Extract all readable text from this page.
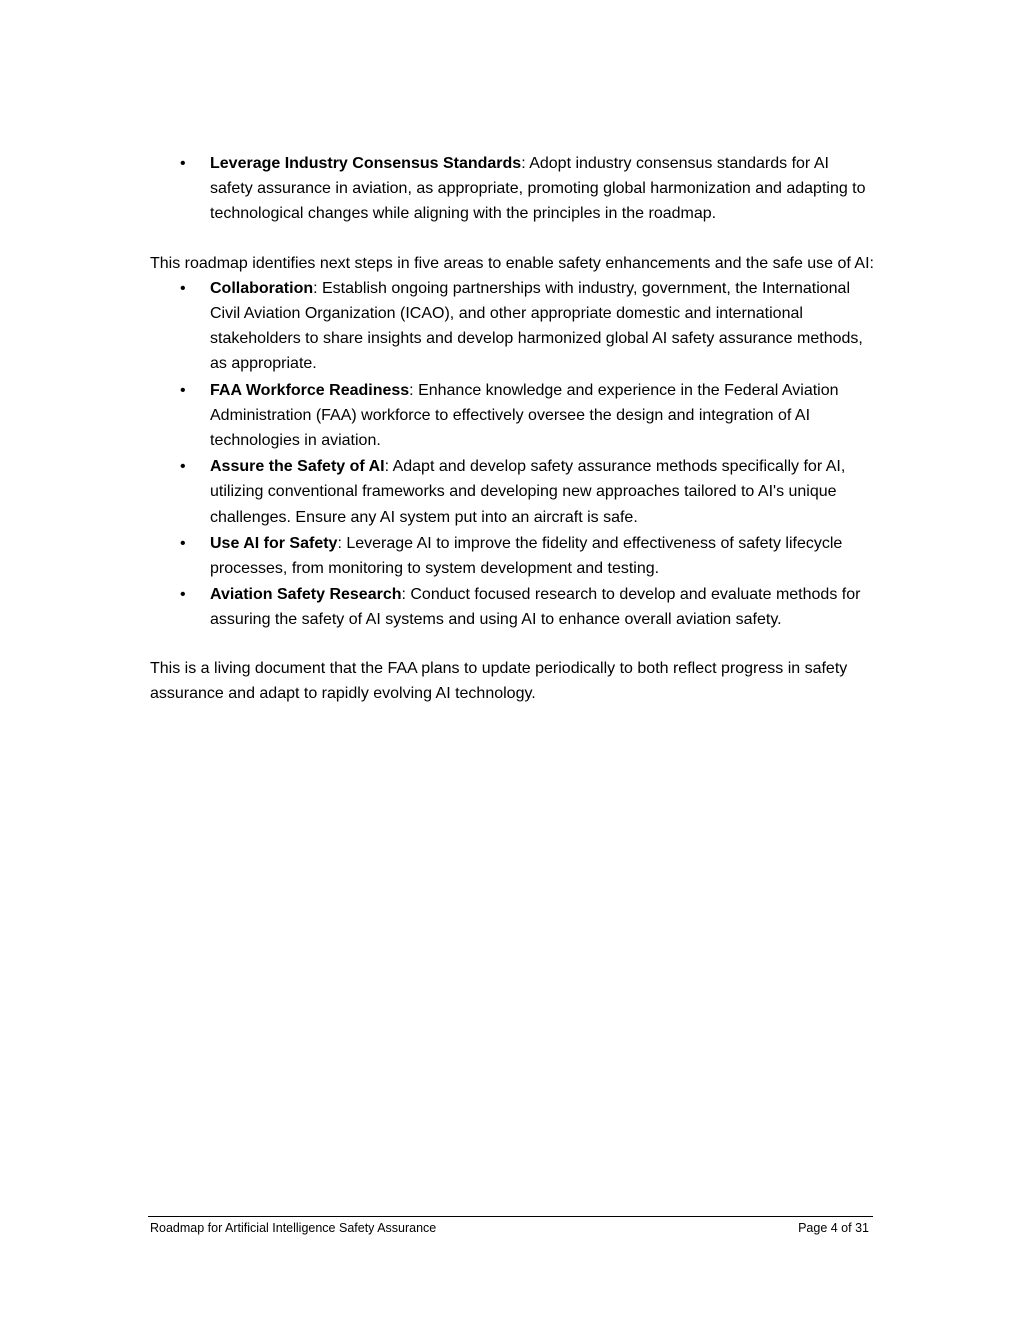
• Leverage Industry Consensus Standards: Adopt industry consensus standards for AI safety assurance in aviation, as appropriate, promoting global harmonization and adapting to technological changes while aligning with the principles in the roadmap.

This roadmap identifies next steps in five areas to enable safety enhancements and the safe use of AI:

• Collaboration: Establish ongoing partnerships with industry, government, the International Civil Aviation Organization (ICAO), and other appropriate domestic and international stakeholders to share insights and develop harmonized global AI safety assurance methods, as appropriate.
• FAA Workforce Readiness: Enhance knowledge and experience in the Federal Aviation Administration (FAA) workforce to effectively oversee the design and integration of AI technologies in aviation.
• Assure the Safety of AI: Adapt and develop safety assurance methods specifically for AI, utilizing conventional frameworks and developing new approaches tailored to AI's unique challenges. Ensure any AI system put into an aircraft is safe.
• Use AI for Safety: Leverage AI to improve the fidelity and effectiveness of safety lifecycle processes, from monitoring to system development and testing.
• Aviation Safety Research: Conduct focused research to develop and evaluate methods for assuring the safety of AI systems and using AI to enhance overall aviation safety.

This is a living document that the FAA plans to update periodically to both reflect progress in safety assurance and adapt to rapidly evolving AI technology.

Roadmap for Artificial Intelligence Safety Assurance	Page 4 of 31
